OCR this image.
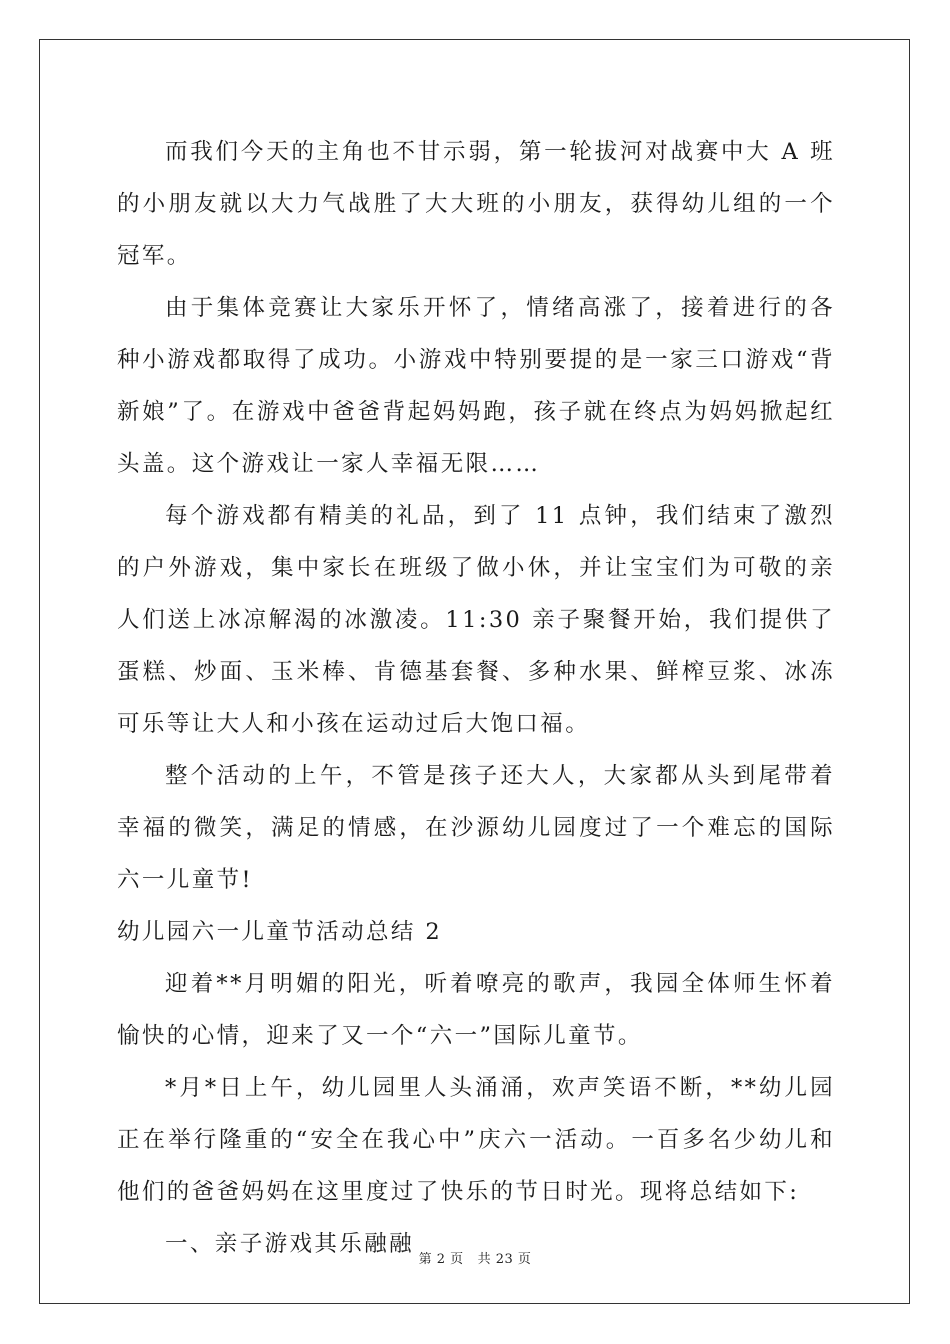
而我们今天的主角也不甘示弱，第一轮拔河对战赛中大 A 班的小朋友就以大力气战胜了大大班的小朋友，获得幼儿组的一个冠军。

由于集体竞赛让大家乐开怀了，情绪高涨了，接着进行的各种小游戏都取得了成功。小游戏中特别要提的是一家三口游戏“背新娘”了。在游戏中爸爸背起妈妈跑，孩子就在终点为妈妈掀起红头盖。这个游戏让一家人幸福无限……

每个游戏都有精美的礼品，到了 11 点钟，我们结束了激烈的户外游戏，集中家长在班级了做小休，并让宝宝们为可敬的亲人们送上冰凉解渴的冰激凌。11:30 亲子聚餐开始，我们提供了蛋糕、炒面、玉米棒、肯德基套餐、多种水果、鲜榨豆浆、冰冻可乐等让大人和小孩在运动过后大饱口福。

整个活动的上午，不管是孩子还大人，大家都从头到尾带着幸福的微笑，满足的情感，在沙源幼儿园度过了一个难忘的国际六一儿童节!

幼儿园六一儿童节活动总结 2

迎着**月明媚的阳光，听着嘹亮的歌声，我园全体师生怀着愉快的心情，迎来了又一个“六一”国际儿童节。

*月*日上午，幼儿园里人头涌涌，欢声笑语不断，**幼儿园正在举行隆重的“安全在我心中”庆六一活动。一百多名少幼儿和他们的爸爸妈妈在这里度过了快乐的节日时光。现将总结如下:

一、亲子游戏其乐融融

第 2 页 共 23 页
